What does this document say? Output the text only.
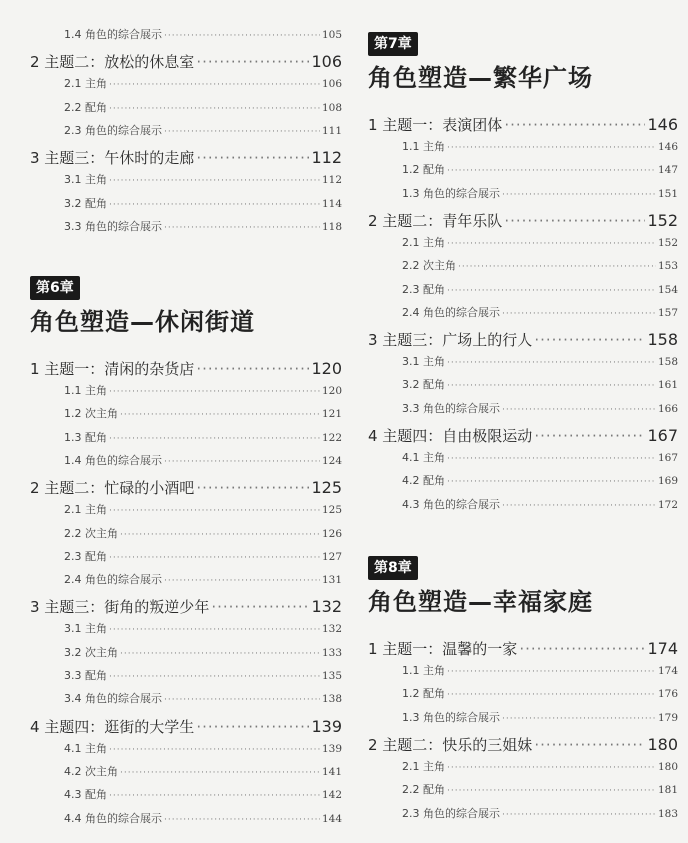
1.4 角色的综合展示 ·····	105
2 主题二：放松的休息室 ·····	106
2.1 主角 ·····	106
2.2 配角 ·····	108
2.3 角色的综合展示 ·····	111
3 主题三：午休时的走廊 ·····	112
3.1 主角 ·····	112
3.2 配角 ·····	114
3.3 角色的综合展示 ·····	118
第6章
角色塑造—休闲街道
1 主题一：清闲的杂货店 ·····	120
1.1 主角 ·····	120
1.2 次主角 ·····	121
1.3 配角 ·····	122
1.4 角色的综合展示 ·····	124
2 主题二：忙碌的小酒吧 ·····	125
2.1 主角 ·····	125
2.2 次主角 ·····	126
2.3 配角 ·····	127
2.4 角色的综合展示 ·····	131
3 主题三：街角的叛逆少年 ·····	132
3.1 主角 ·····	132
3.2 次主角 ·····	133
3.3 配角 ·····	135
3.4 角色的综合展示 ·····	138
4 主题四：逛街的大学生 ·····	139
4.1 主角 ·····	139
4.2 次主角 ·····	141
4.3 配角 ·····	142
4.4 角色的综合展示 ·····	144
第7章
角色塑造—繁华广场
1 主题一：表演团体 ·····	146
1.1 主角 ·····	146
1.2 配角 ·····	147
1.3 角色的综合展示 ·····	151
2 主题二：青年乐队 ·····	152
2.1 主角 ·····	152
2.2 次主角 ·····	153
2.3 配角 ·····	154
2.4 角色的综合展示 ·····	157
3 主题三：广场上的行人 ·····	158
3.1 主角 ·····	158
3.2 配角 ·····	161
3.3 角色的综合展示 ·····	166
4 主题四：自由极限运动 ·····	167
4.1 主角 ·····	167
4.2 配角 ·····	169
4.3 角色的综合展示 ·····	172
第8章
角色塑造—幸福家庭
1 主题一：温馨的一家 ·····	174
1.1 主角 ·····	174
1.2 配角 ·····	176
1.3 角色的综合展示 ·····	179
2 主题二：快乐的三姐妹 ·····	180
2.1 主角 ·····	180
2.2 配角 ·····	181
2.3 角色的综合展示 ·····	183
